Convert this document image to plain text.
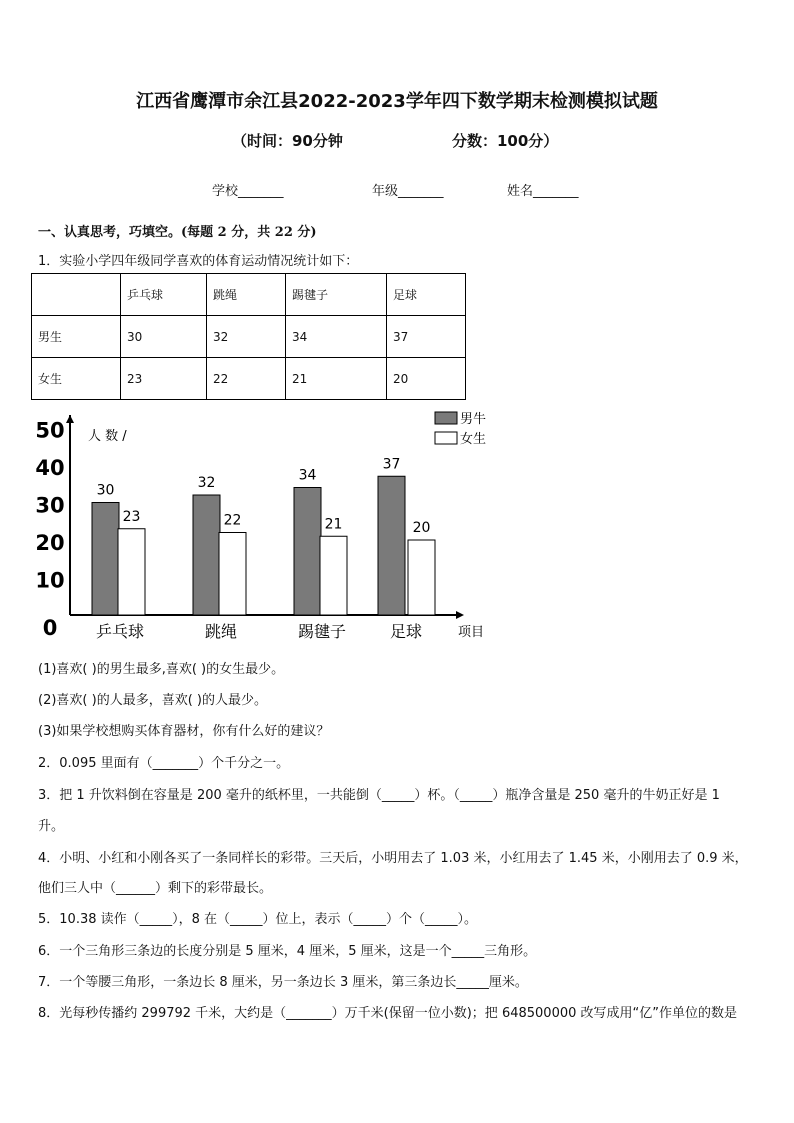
江西省鹰潭市余江县2022-2023学年四下数学期末检测模拟试题
（时间：90分钟	分数：100分）
学校_______	年级_______	姓名_______
一、认真思考，巧填空。(每题 2 分，共 22 分)
1．实验小学四年级同学喜欢的体育运动情况统计如下：
	乒乓球	跳绳	踢毽子	足球
男生	30	32	34	37
女生	23	22	21	20
人 数 /
项目
0
10
20
30
40
50
30
23
乒乓球
32
22
跳绳
34
21
踢毽子
37
20
足球
男牛
女生
(1)喜欢( )的男生最多,喜欢( )的女生最少。
(2)喜欢( )的人最多，喜欢( )的人最少。
(3)如果学校想购买体育器材，你有什么好的建议？
2．0.095 里面有（_______）个千分之一。
3．把 1 升饮料倒在容量是 200 毫升的纸杯里，一共能倒（_____）杯。（_____）瓶净含量是 250 毫升的牛奶正好是 1
升。
4．小明、小红和小刚各买了一条同样长的彩带。三天后，小明用去了 1.03 米，小红用去了 1.45 米，小刚用去了 0.9 米，
他们三人中（______）剩下的彩带最长。
5．10.38 读作（_____），8 在（_____）位上，表示（_____）个（_____）。
6．一个三角形三条边的长度分别是 5 厘米，4 厘米，5 厘米，这是一个_____三角形。
7．一个等腰三角形，一条边长 8 厘米，另一条边长 3 厘米，第三条边长_____厘米。
8．光每秒传播约 299792 千米，大约是（_______）万千米(保留一位小数)；把 648500000 改写成用“亿”作单位的数是
